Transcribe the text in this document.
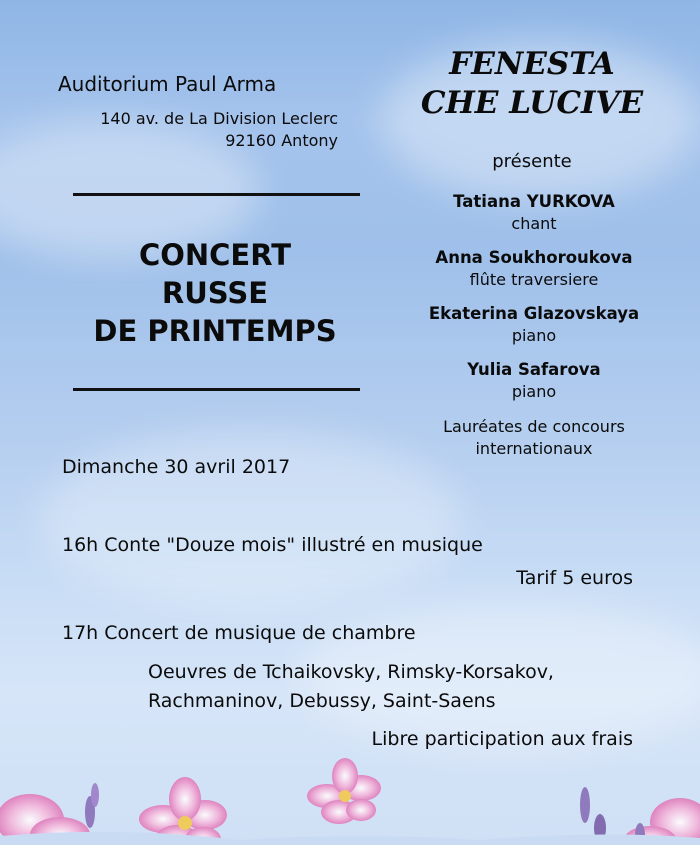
Auditorium Paul Arma
140 av. de La Division Leclerc
92160 Antony
CONCERT
RUSSE
DE PRINTEMPS
FENESTA
CHE LUCIVE
présente
Tatiana YURKOVA
chant
Anna Soukhoroukova
flûte traversiere
Ekaterina Glazovskaya
piano
Yulia Safarova
piano
Lauréates de concours
internationaux
Dimanche 30 avril 2017
16h Conte "Douze mois" illustré en musique
Tarif 5 euros
17h Concert de musique de chambre
Oeuvres de Tchaikovsky, Rimsky-Korsakov,
Rachmaninov, Debussy, Saint-Saens
Libre participation aux frais
